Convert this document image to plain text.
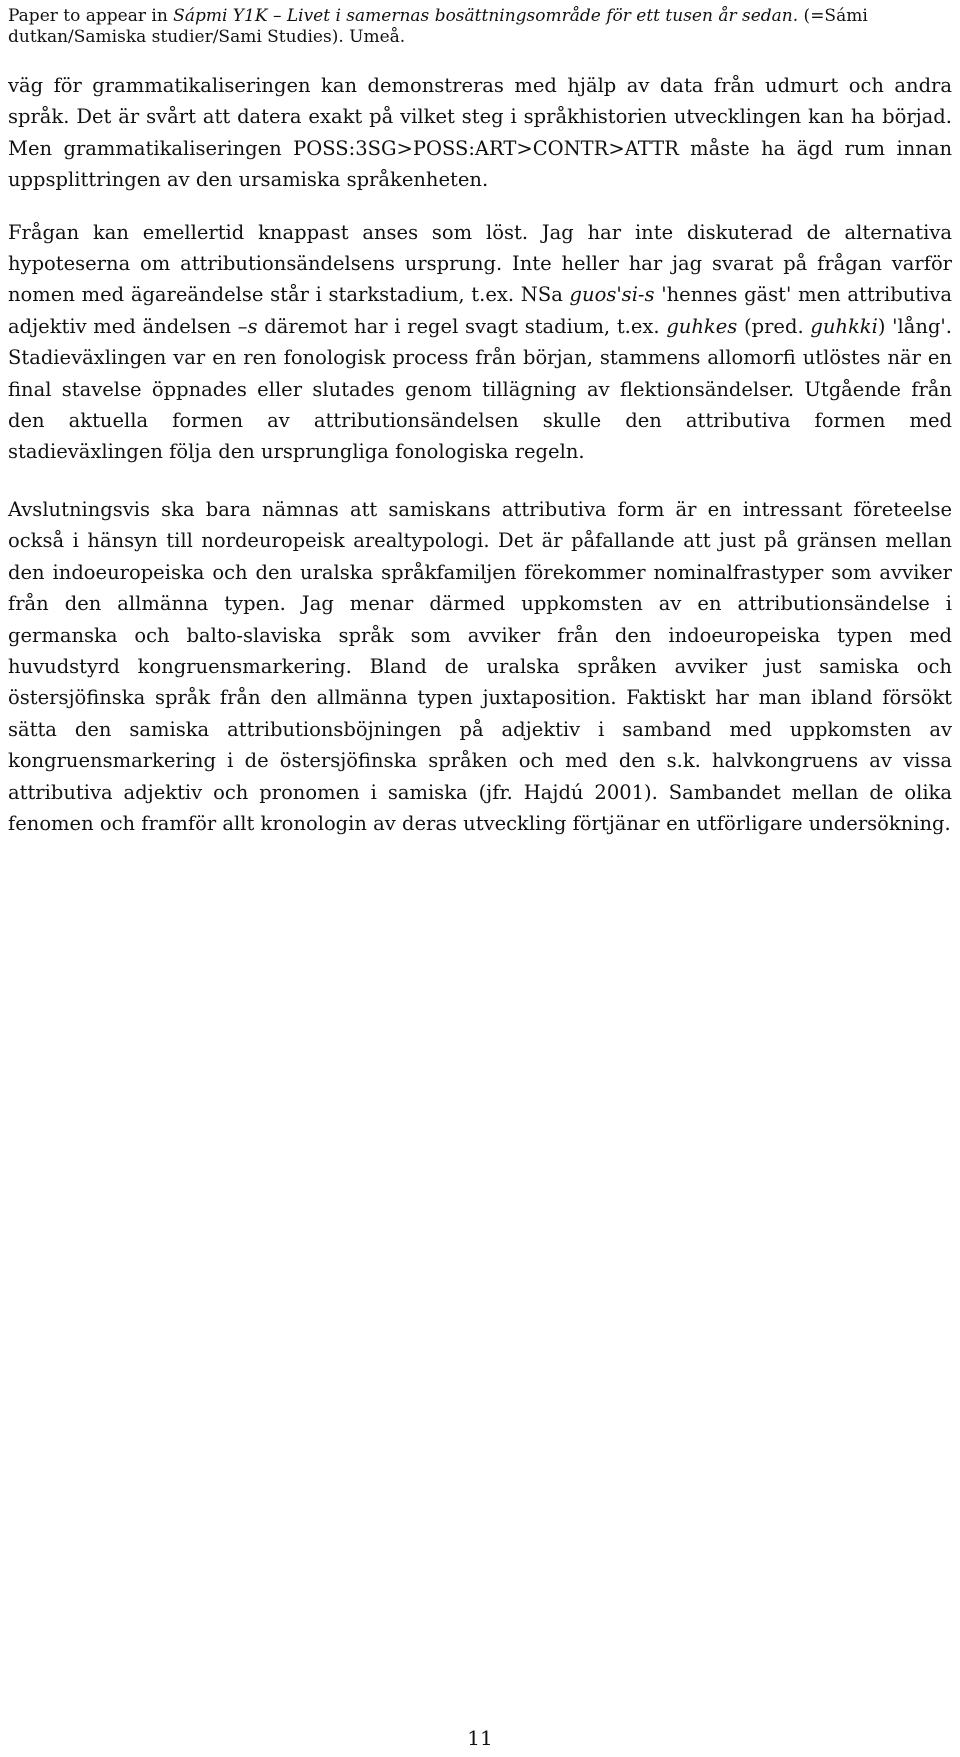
Paper to appear in Sápmi Y1K – Livet i samernas bosättningsområde för ett tusen år sedan. (=Sámi dutkan/Samiska studier/Sami Studies). Umeå.

väg för grammatikaliseringen kan demonstreras med hjälp av data från udmurt och andra språk. Det är svårt att datera exakt på vilket steg i språkhistorien utvecklingen kan ha börjad. Men grammatikaliseringen POSS:3SG>POSS:ART>CONTR>ATTR måste ha ägd rum innan uppsplittringen av den ursamiska språkenheten.

Frågan kan emellertid knappast anses som löst. Jag har inte diskuterad de alternativa hypoteserna om attributionsändelsens ursprung. Inte heller har jag svarat på frågan varför nomen med ägareändelse står i starkstadium, t.ex. NSa guos'si-s 'hennes gäst' men attributiva adjektiv med ändelsen –s däremot har i regel svagt stadium, t.ex. guhkes (pred. guhkki) 'lång'. Stadieväxlingen var en ren fonologisk process från början, stammens allomorfi utlöstes när en final stavelse öppnades eller slutades genom tillägning av flektionsändelser. Utgående från den aktuella formen av attributionsändelsen skulle den attributiva formen med stadieväxlingen följa den ursprungliga fonologiska regeln.

Avslutningsvis ska bara nämnas att samiskans attributiva form är en intressant företeelse också i hänsyn till nordeuropeisk arealtypologi. Det är påfallande att just på gränsen mellan den indoeuropeiska och den uralska språkfamiljen förekommer nominalfrastyper som avviker från den allmänna typen. Jag menar därmed uppkomsten av en attributionsändelse i germanska och balto-slaviska språk som avviker från den indoeuropeiska typen med huvudstyrd kongruensmarkering. Bland de uralska språken avviker just samiska och östersjöfinska språk från den allmänna typen juxtaposition. Faktiskt har man ibland försökt sätta den samiska attributionsböjningen på adjektiv i samband med uppkomsten av kongruensmarkering i de östersjöfinska språken och med den s.k. halvkongruens av vissa attributiva adjektiv och pronomen i samiska (jfr. Hajdú 2001). Sambandet mellan de olika fenomen och framför allt kronologin av deras utveckling förtjänar en utförligare undersökning.

11
